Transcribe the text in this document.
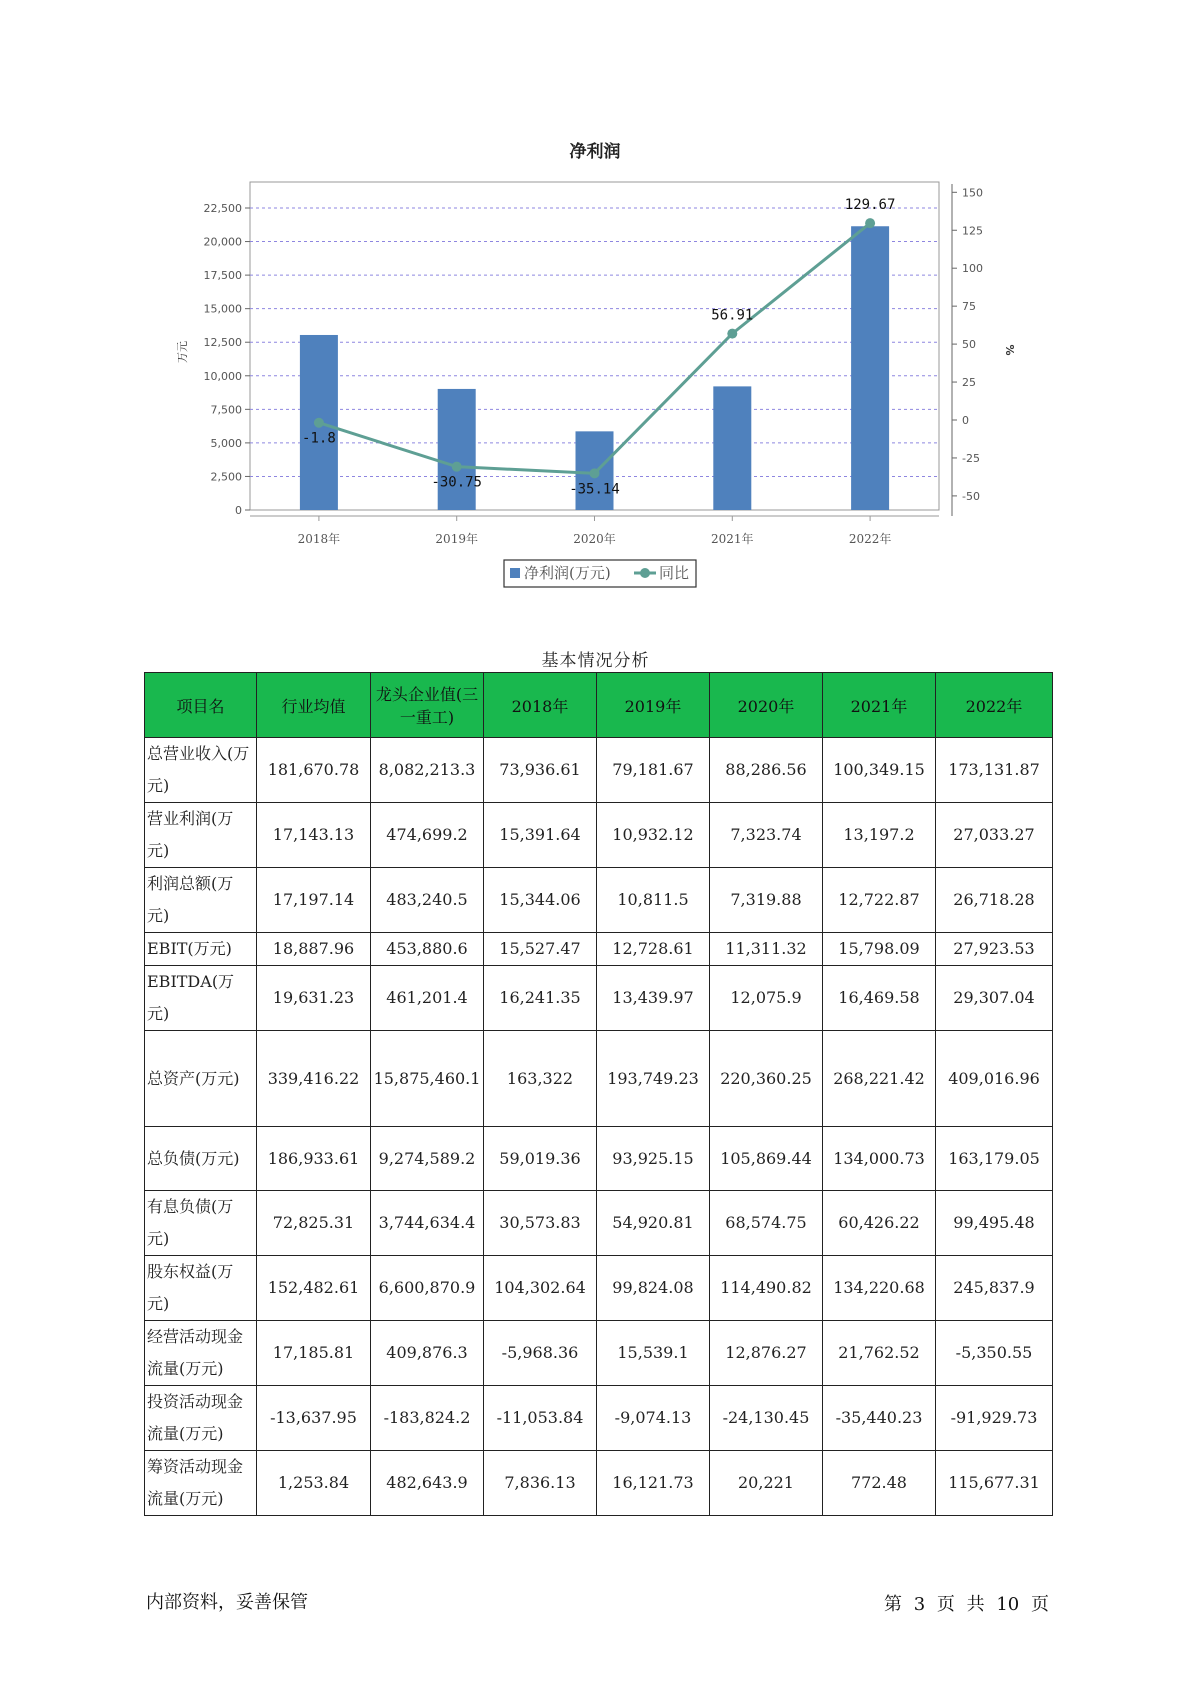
净利润
0
2,500
5,000
7,500
10,000
12,500
15,000
17,500
20,000
22,500
-50
-25
0
25
50
75
100
125
150
万元	%
2018年	2019年	2020年	2021年	2022年
-1.8
-30.75	-35.14
56.91
129.67
净利润(万元)	同比
基本情况分析
项目名	行业均值	龙头企业值(三一重工)	2018年	2019年	2020年	2021年	2022年
总营业收入(万元)	181,670.78	8,082,213.3	73,936.61	79,181.67	88,286.56	100,349.15	173,131.87
营业利润(万元)	17,143.13	474,699.2	15,391.64	10,932.12	7,323.74	13,197.2	27,033.27
利润总额(万元)	17,197.14	483,240.5	15,344.06	10,811.5	7,319.88	12,722.87	26,718.28
EBIT(万元)	18,887.96	453,880.6	15,527.47	12,728.61	11,311.32	15,798.09	27,923.53
EBITDA(万元)	19,631.23	461,201.4	16,241.35	13,439.97	12,075.9	16,469.58	29,307.04
总资产(万元)	339,416.22	15,875,460.1	163,322	193,749.23	220,360.25	268,221.42	409,016.96
总负债(万元)	186,933.61	9,274,589.2	59,019.36	93,925.15	105,869.44	134,000.73	163,179.05
有息负债(万元)	72,825.31	3,744,634.4	30,573.83	54,920.81	68,574.75	60,426.22	99,495.48
股东权益(万元)	152,482.61	6,600,870.9	104,302.64	99,824.08	114,490.82	134,220.68	245,837.9
经营活动现金流量(万元)	17,185.81	409,876.3	-5,968.36	15,539.1	12,876.27	21,762.52	-5,350.55
投资活动现金流量(万元)	-13,637.95	-183,824.2	-11,053.84	-9,074.13	-24,130.45	-35,440.23	-91,929.73
筹资活动现金流量(万元)	1,253.84	482,643.9	7,836.13	16,121.73	20,221	772.48	115,677.31
内部资料，妥善保管	第 3 页 共 10 页
